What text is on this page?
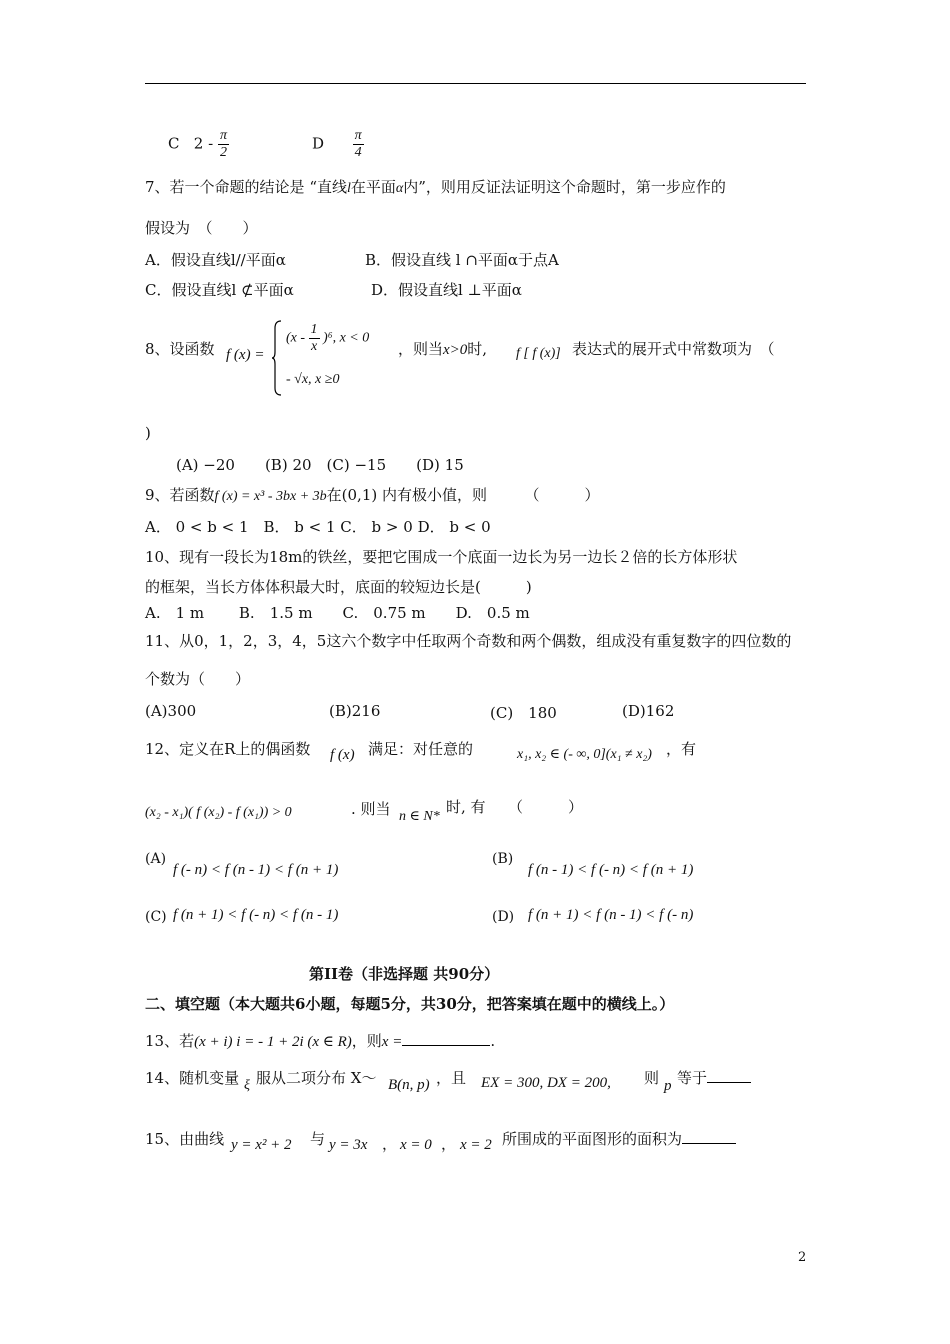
C $2 - \frac{\pi}{2}$	D $\frac{\pi}{4}$
7、若一个命题的结论是 “直线l在平面α内”，则用反证法证明这个命题时，第一步应作的
假设为　（　　）
A．假设直线l//平面α	B．假设直线 l ∩平面α于点A
C．假设直线l ⊄平面α	D．假设直线l ⊥平面α
8、设函数 f (x) =
$(x - \frac{1}{x} )^6$, x < 0
- √x, x ≥0
，则当x>0时, f [ f (x)] 表达式的展开式中常数项为　（
)
(A) −20　　(B) 20　(C) −15　　(D) 15
9、若函数f (x) = x³ - 3bx + 3b在(0,1) 内有极小值，则　　　（　　　）
A． 0 < b < 1　B． b < 1 C． b > 0 D． b < 0
10、现有一段长为18m的铁丝，要把它围成一个底面一边长为另一边长２倍的长方体形状
的框架，当长方体体积最大时，底面的较短边长是(　　　)
A.　1 m　　 B.　1.5 m　　C.　0.75 m　　D.　0.5 m
11、从0，1，2，3，4，5这六个数字中任取两个奇数和两个偶数，组成没有重复数字的四位数的
个数为（　　）
(A)300	(B)216	(C)　180	(D)162
12、定义在R上的偶函数 f (x) 满足：对任意的	x₁, x₂ ∈ (- ∞, 0](x₁ ≠ x₂) ，有
(x₂ - x₁)( f (x₂) - f (x₁)) > 0	. 则当 n ∈ N*
时, 有　　（　　　）
(A)
f (- n) < f (n - 1) < f (n + 1)
(B)
f (n - 1) < f (- n) < f (n + 1)
(C) f (n + 1) < f (- n) < f (n - 1)	(D) f (n + 1) < f (n - 1) < f (- n)
第II卷（非选择题 共90分）
二、填空题（本大题共6小题，每题5分，共30分，把答案填在题中的横线上。）
13、若(x + i) i = - 1 + 2i (x ∈ R)，则x =	.
14、随机变量 ξ 服从二项分布 X～ B(n, p) ，且 EX = 300, DX = 200, 则 p 等于
15、由曲线 y = x² + 2 与 y = 3x ， x = 0 ， x = 2 所围成的平面图形的面积为
2
